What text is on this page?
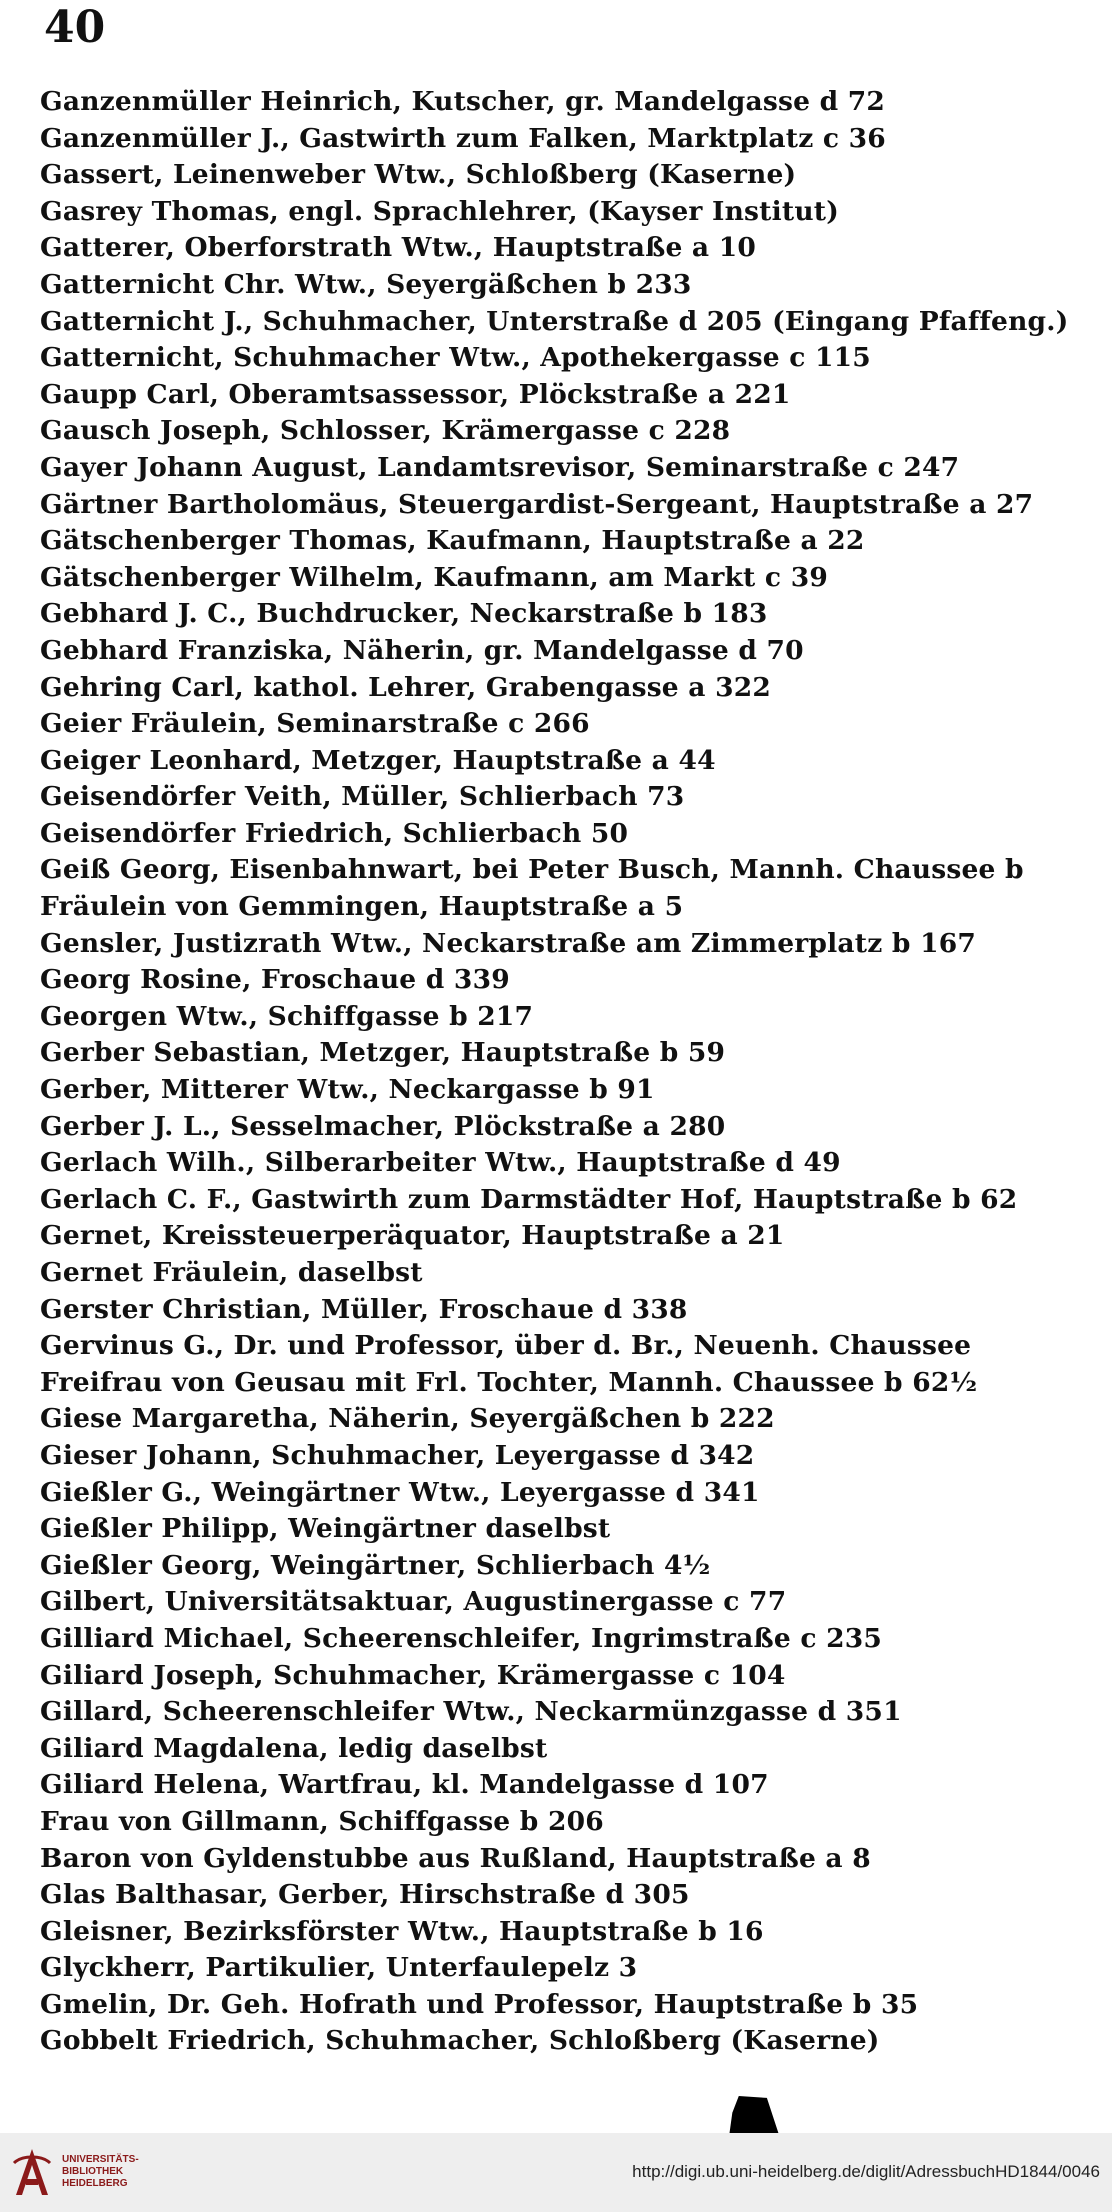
40
Ganzenmüller Heinrich, Kutscher, gr. Mandelgasse d 72
Ganzenmüller J., Gastwirth zum Falken, Marktplatz c 36
Gassert, Leinenweber Wtw., Schloßberg (Kaserne)
Gasrey Thomas, engl. Sprachlehrer, (Kayser Institut)
Gatterer, Oberforstrath Wtw., Hauptstraße a 10
Gatternicht Chr. Wtw., Seyergäßchen b 233
Gatternicht J., Schuhmacher, Unterstraße d 205 (Eingang Pfaffeng.)
Gatternicht, Schuhmacher Wtw., Apothekergasse c 115
Gaupp Carl, Oberamtsassessor, Plöckstraße a 221
Gausch Joseph, Schlosser, Krämergasse c 228
Gayer Johann August, Landamtsrevisor, Seminarstraße c 247
Gärtner Bartholomäus, Steuergardist-Sergeant, Hauptstraße a 27
Gätschenberger Thomas, Kaufmann, Hauptstraße a 22
Gätschenberger Wilhelm, Kaufmann, am Markt c 39
Gebhard J. C., Buchdrucker, Neckarstraße b 183
Gebhard Franziska, Näherin, gr. Mandelgasse d 70
Gehring Carl, kathol. Lehrer, Grabengasse a 322
Geier Fräulein, Seminarstraße c 266
Geiger Leonhard, Metzger, Hauptstraße a 44
Geisendörfer Veith, Müller, Schlierbach 73
Geisendörfer Friedrich, Schlierbach 50
Geiß Georg, Eisenbahnwart, bei Peter Busch, Mannh. Chaussee b
Fräulein von Gemmingen, Hauptstraße a 5
Gensler, Justizrath Wtw., Neckarstraße am Zimmerplatz b 167
Georg Rosine, Froschaue d 339
Georgen Wtw., Schiffgasse b 217
Gerber Sebastian, Metzger, Hauptstraße b 59
Gerber, Mitterer Wtw., Neckargasse b 91
Gerber J. L., Sesselmacher, Plöckstraße a 280
Gerlach Wilh., Silberarbeiter Wtw., Hauptstraße d 49
Gerlach C. F., Gastwirth zum Darmstädter Hof, Hauptstraße b 62
Gernet, Kreissteuerperäquator, Hauptstraße a 21
Gernet Fräulein, daselbst
Gerster Christian, Müller, Froschaue d 338
Gervinus G., Dr. und Professor, über d. Br., Neuenh. Chaussee
Freifrau von Geusau mit Frl. Tochter, Mannh. Chaussee b 62½
Giese Margaretha, Näherin, Seyergäßchen b 222
Gieser Johann, Schuhmacher, Leyergasse d 342
Gießler G., Weingärtner Wtw., Leyergasse d 341
Gießler Philipp, Weingärtner daselbst
Gießler Georg, Weingärtner, Schlierbach 4½
Gilbert, Universitätsaktuar, Augustinergasse c 77
Gilliard Michael, Scheerenschleifer, Ingrimstraße c 235
Giliard Joseph, Schuhmacher, Krämergasse c 104
Gillard, Scheerenschleifer Wtw., Neckarmünzgasse d 351
Giliard Magdalena, ledig daselbst
Giliard Helena, Wartfrau, kl. Mandelgasse d 107
Frau von Gillmann, Schiffgasse b 206
Baron von Gyldenstubbe aus Rußland, Hauptstraße a 8
Glas Balthasar, Gerber, Hirschstraße d 305
Gleisner, Bezirksförster Wtw., Hauptstraße b 16
Glyckherr, Partikulier, Unterfaulepelz 3
Gmelin, Dr. Geh. Hofrath und Professor, Hauptstraße b 35
Gobbelt Friedrich, Schuhmacher, Schloßberg (Kaserne)
UNIVERSITÄTS-
BIBLIOTHEK
HEIDELBERG
http://digi.ub.uni-heidelberg.de/diglit/AdressbuchHD1844/0046
